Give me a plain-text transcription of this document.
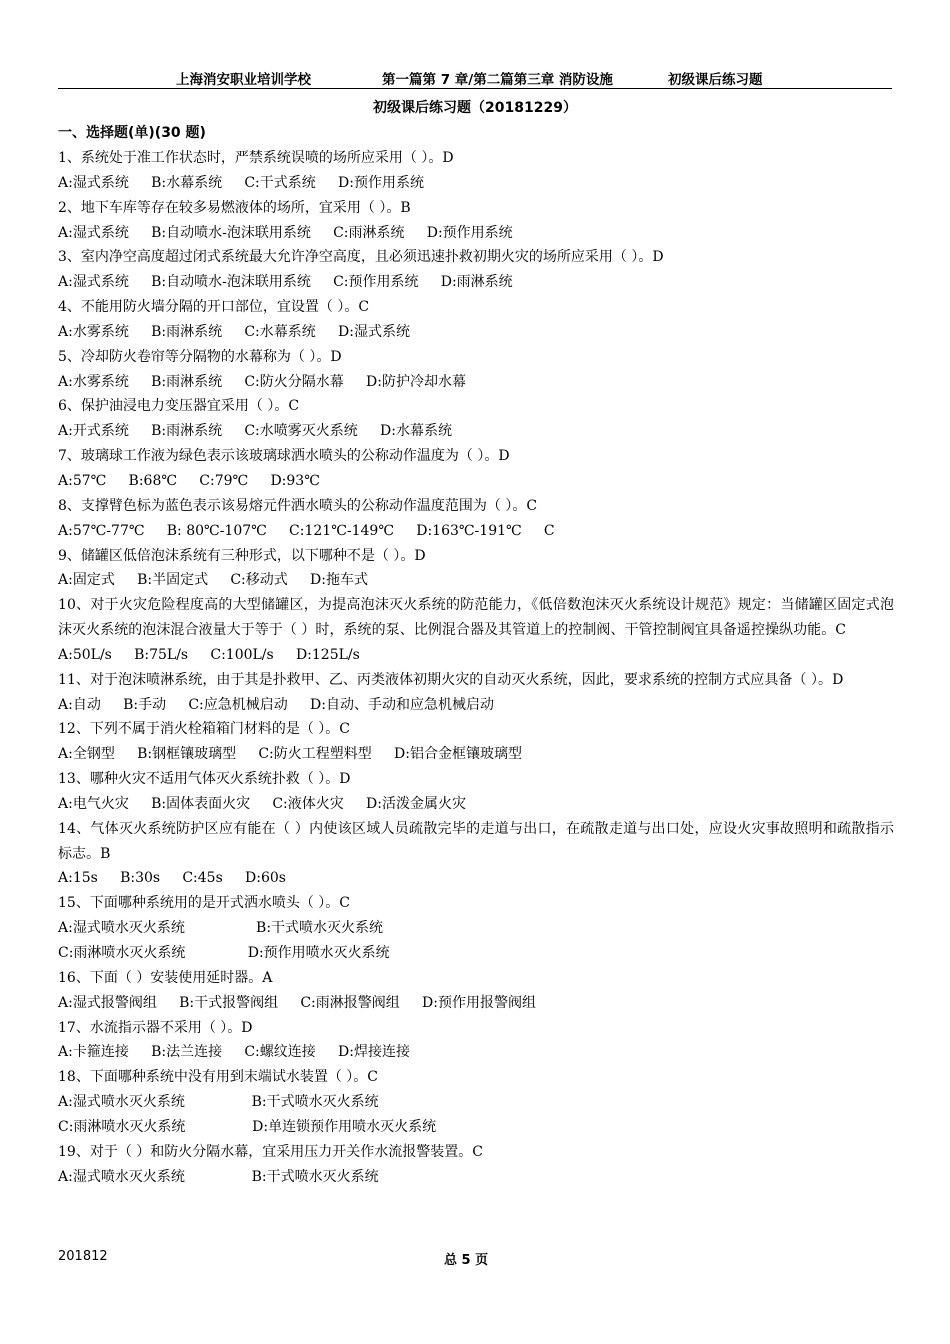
上海消安职业培训学校	第一篇第 7 章/第二篇第三章 消防设施	初级课后练习题
初级课后练习题（20181229）
一、选择题(单)(30 题)
1、系统处于准工作状态时，严禁系统误喷的场所应采用（ ）。D
A:湿式系统     B:水幕系统     C:干式系统     D:预作用系统
2、地下车库等存在较多易燃液体的场所，宜采用（ ）。B
A:湿式系统     B:自动喷水-泡沫联用系统     C:雨淋系统     D:预作用系统
3、室内净空高度超过闭式系统最大允许净空高度，且必须迅速扑救初期火灾的场所应采用（ ）。D
A:湿式系统     B:自动喷水-泡沫联用系统     C:预作用系统     D:雨淋系统
4、不能用防火墙分隔的开口部位，宜设置（ ）。C
A:水雾系统     B:雨淋系统     C:水幕系统     D:湿式系统
5、冷却防火卷帘等分隔物的水幕称为（ ）。D
A:水雾系统     B:雨淋系统     C:防火分隔水幕     D:防护冷却水幕
6、保护油浸电力变压器宜采用（ ）。C
A:开式系统     B:雨淋系统     C:水喷雾灭火系统     D:水幕系统
7、玻璃球工作液为绿色表示该玻璃球洒水喷头的公称动作温度为（ ）。D
A:57℃     B:68℃     C:79℃     D:93℃
8、支撑臂色标为蓝色表示该易熔元件洒水喷头的公称动作温度范围为（ ）。C
A:57℃-77℃     B: 80℃-107℃     C:121℃-149℃     D:163℃-191℃     C
9、储罐区低倍泡沫系统有三种形式，以下哪种不是（ ）。D
A:固定式     B:半固定式     C:移动式     D:拖车式
10、对于火灾危险程度高的大型储罐区，为提高泡沫灭火系统的防范能力，《低倍数泡沫灭火系统设计规范》规定：当储罐区固定式泡沫灭火系统的泡沫混合液量大于等于（ ）时，系统的泵、比例混合器及其管道上的控制阀、干管控制阀宜具备遥控操纵功能。C
A:50L/s     B:75L/s     C:100L/s     D:125L/s
11、对于泡沫喷淋系统，由于其是扑救甲、乙、丙类液体初期火灾的自动灭火系统，因此，要求系统的控制方式应具备（ ）。D
A:自动     B:手动     C:应急机械启动     D:自动、手动和应急机械启动
12、下列不属于消火栓箱箱门材料的是（ ）。C
A:全钢型     B:钢框镶玻璃型     C:防火工程塑料型     D:铝合金框镶玻璃型
13、哪种火灾不适用气体灭火系统扑救（ ）。D
A:电气火灾     B:固体表面火灾     C:液体火灾     D:活泼金属火灾
14、气体灭火系统防护区应有能在（ ）内使该区域人员疏散完毕的走道与出口，在疏散走道与出口处，应设火灾事故照明和疏散指示标志。B
A:15s     B:30s     C:45s     D:60s
15、下面哪种系统用的是开式洒水喷头（ ）。C
A:湿式喷水灭火系统                B:干式喷水灭火系统
C:雨淋喷水灭火系统              D:预作用喷水灭火系统
16、下面（ ）安装使用延时器。A
A:湿式报警阀组     B:干式报警阀组     C:雨淋报警阀组     D:预作用报警阀组
17、水流指示器不采用（ ）。D
A:卡箍连接     B:法兰连接     C:螺纹连接     D:焊接连接
18、下面哪种系统中没有用到末端试水装置（ ）。C
A:湿式喷水灭火系统               B:干式喷水灭火系统
C:雨淋喷水灭火系统               D:单连锁预作用喷水灭火系统
19、对于（ ）和防火分隔水幕，宜采用压力开关作水流报警装置。C
A:湿式喷水灭火系统               B:干式喷水灭火系统
201812	总 5 页
